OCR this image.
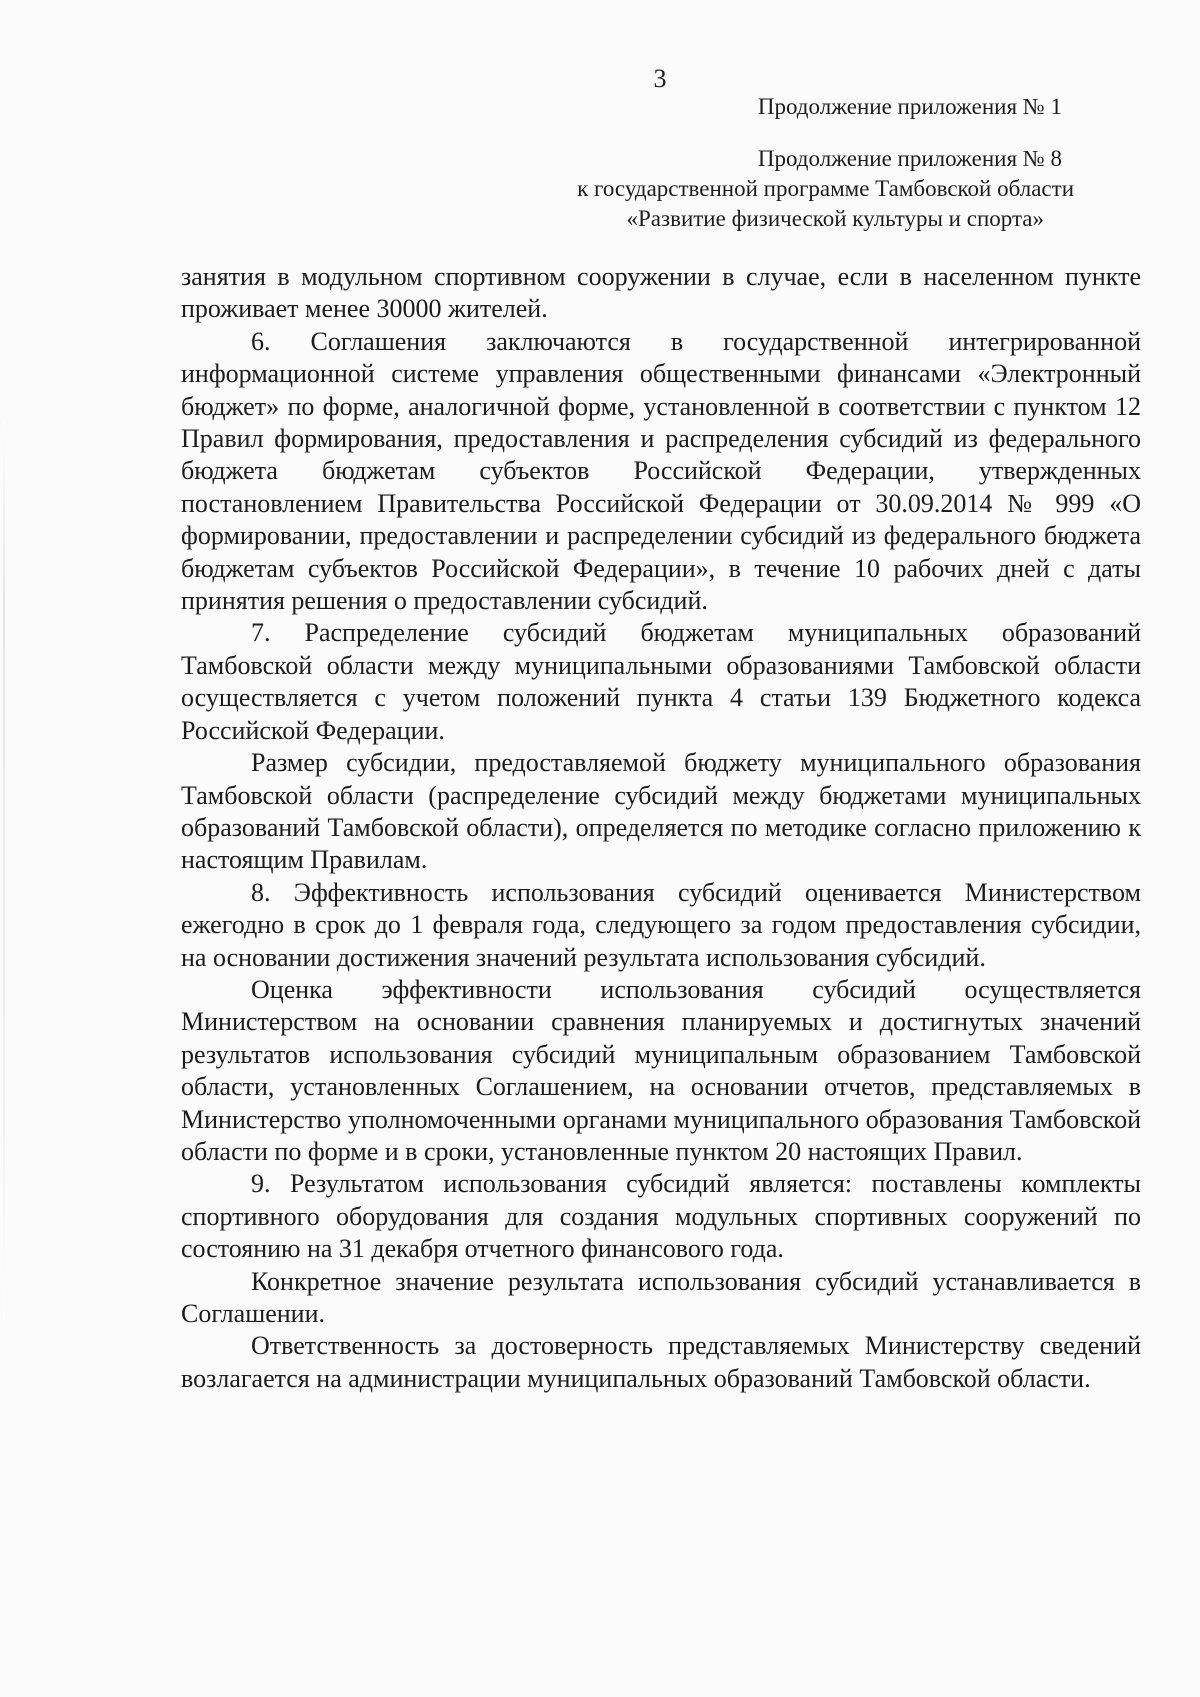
3
Продолжение приложения № 1
Продолжение приложения № 8
к государственной программе Тамбовской области
«Развитие физической культуры и спорта»

занятия в модульном спортивном сооружении в случае, если в населенном пункте проживает менее 30000 жителей.

6. Соглашения заключаются в государственной интегрированной информационной системе управления общественными финансами «Электронный бюджет» по форме, аналогичной форме, установленной в соответствии с пунктом 12 Правил формирования, предоставления и распределения субсидий из федерального бюджета бюджетам субъектов Российской Федерации, утвержденных постановлением Правительства Российской Федерации от 30.09.2014 № 999 «О формировании, предоставлении и распределении субсидий из федерального бюджета бюджетам субъектов Российской Федерации», в течение 10 рабочих дней с даты принятия решения о предоставлении субсидий.

7. Распределение субсидий бюджетам муниципальных образований Тамбовской области между муниципальными образованиями Тамбовской области осуществляется с учетом положений пункта 4 статьи 139 Бюджетного кодекса Российской Федерации.

Размер субсидии, предоставляемой бюджету муниципального образования Тамбовской области (распределение субсидий между бюджетами муниципальных образований Тамбовской области), определяется по методике согласно приложению к настоящим Правилам.

8. Эффективность использования субсидий оценивается Министерством ежегодно в срок до 1 февраля года, следующего за годом предоставления субсидии, на основании достижения значений результата использования субсидий.

Оценка эффективности использования субсидий осуществляется Министерством на основании сравнения планируемых и достигнутых значений результатов использования субсидий муниципальным образованием Тамбовской области, установленных Соглашением, на основании отчетов, представляемых в Министерство уполномоченными органами муниципального образования Тамбовской области по форме и в сроки, установленные пунктом 20 настоящих Правил.

9. Результатом использования субсидий является: поставлены комплекты спортивного оборудования для создания модульных спортивных сооружений по состоянию на 31 декабря отчетного финансового года.

Конкретное значение результата использования субсидий устанавливается в Соглашении.

Ответственность за достоверность представляемых Министерству сведений возлагается на администрации муниципальных образований Тамбовской области.
